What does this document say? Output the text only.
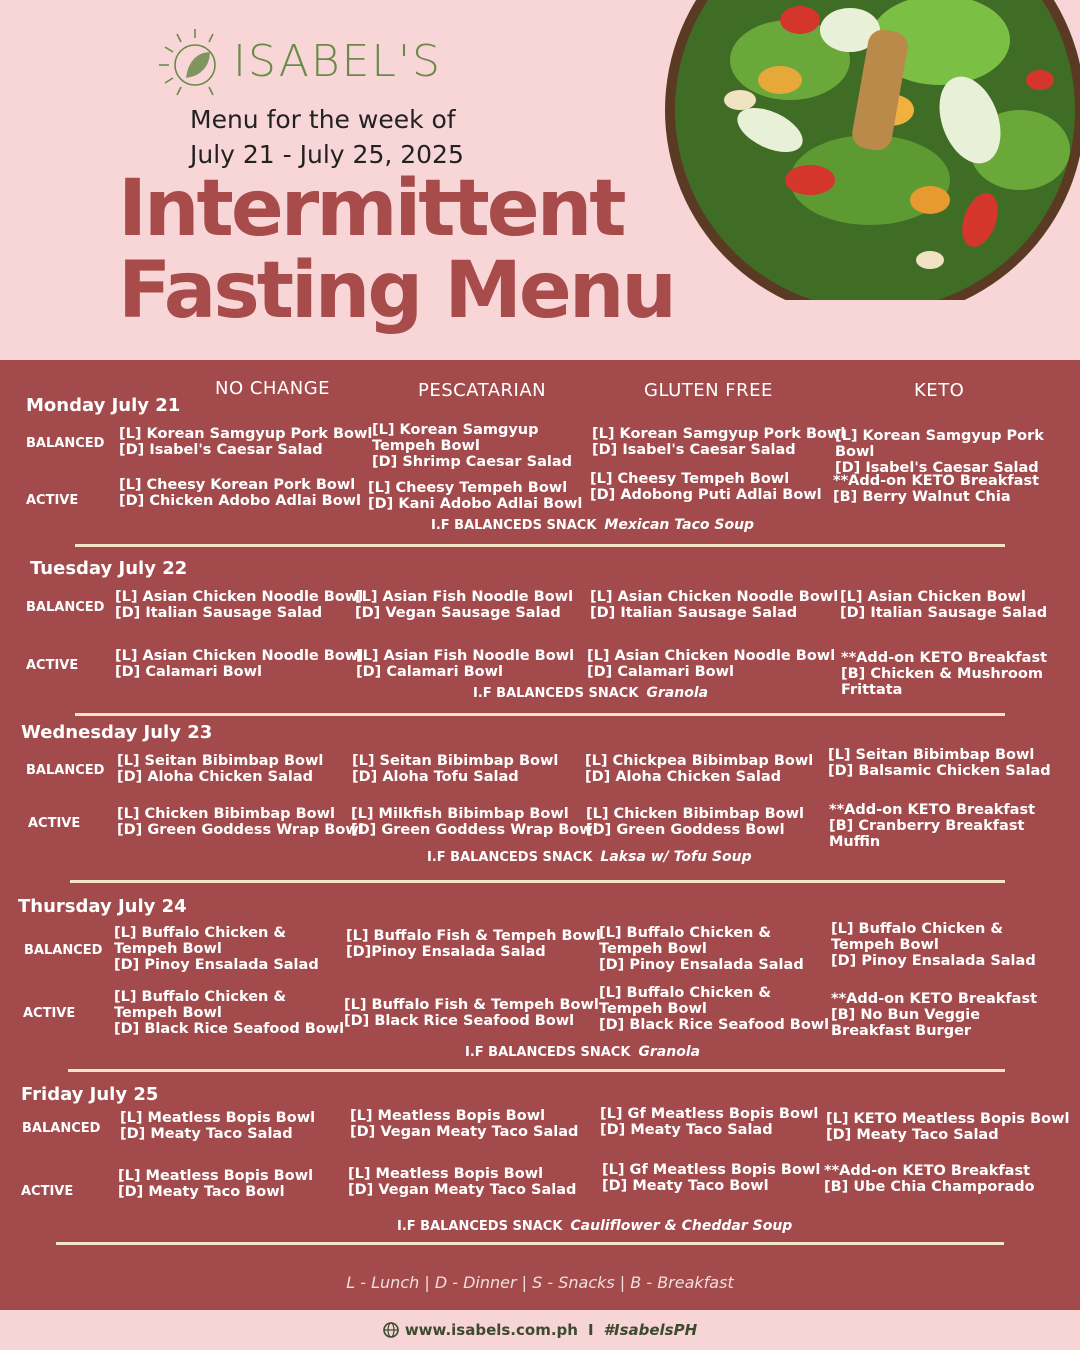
ISABEL'S
Menu for the week of
July 21 - July 25, 2025
Intermittent
Fasting Menu
NO CHANGE	PESCATARIAN	GLUTEN FREE	KETO
Monday July 21
BALANCED
[L] Korean Samgyup Pork Bowl
[D] Isabel's Caesar Salad
[L] Korean Samgyup
Tempeh Bowl
[D] Shrimp Caesar Salad
[L] Korean Samgyup Pork Bowl
[D] Isabel's Caesar Salad
[L] Korean Samgyup Pork Bowl
[D] Isabel's Caesar Salad
ACTIVE
[L] Cheesy Korean Pork Bowl
[D] Chicken Adobo Adlai Bowl
[L] Cheesy Tempeh Bowl
[D] Kani Adobo Adlai Bowl
[L] Cheesy Tempeh Bowl
[D] Adobong Puti Adlai Bowl
**Add-on KETO Breakfast
[B] Berry Walnut Chia
I.F BALANCEDS SNACK Mexican Taco Soup
Tuesday July 22
BALANCED
[L] Asian Chicken Noodle Bowl
[D] Italian Sausage Salad
[L] Asian Fish Noodle Bowl
[D] Vegan Sausage Salad
[L] Asian Chicken Noodle Bowl
[D] Italian Sausage Salad
[L] Asian Chicken Bowl
[D] Italian Sausage Salad
ACTIVE
[L] Asian Chicken Noodle Bowl
[D] Calamari Bowl
[L] Asian Fish Noodle Bowl
[D] Calamari Bowl
[L] Asian Chicken Noodle Bowl
[D] Calamari Bowl
**Add-on KETO Breakfast
[B] Chicken & Mushroom
Frittata
I.F BALANCEDS SNACK Granola
Wednesday July 23
BALANCED
[L] Seitan Bibimbap Bowl
[D] Aloha Chicken Salad
[L] Seitan Bibimbap Bowl
[D] Aloha Tofu Salad
[L] Chickpea Bibimbap Bowl
[D] Aloha Chicken Salad
[L] Seitan Bibimbap Bowl
[D] Balsamic Chicken Salad
ACTIVE
[L] Chicken Bibimbap Bowl
[D] Green Goddess Wrap Bowl
[L] Milkfish Bibimbap Bowl
[D] Green Goddess Wrap Bowl
[L] Chicken Bibimbap Bowl
[D] Green Goddess Bowl
**Add-on KETO Breakfast
[B] Cranberry Breakfast
Muffin
I.F BALANCEDS SNACK Laksa w/ Tofu Soup
Thursday July 24
BALANCED
[L] Buffalo Chicken &
Tempeh Bowl
[D] Pinoy Ensalada Salad
[L] Buffalo Fish & Tempeh Bowl
[D]Pinoy Ensalada Salad
[L] Buffalo Chicken &
Tempeh Bowl
[D] Pinoy Ensalada Salad
[L] Buffalo Chicken &
Tempeh Bowl
[D] Pinoy Ensalada Salad
ACTIVE
[L] Buffalo Chicken &
Tempeh Bowl
[D] Black Rice Seafood Bowl
[L] Buffalo Fish & Tempeh Bowl
[D] Black Rice Seafood Bowl
[L] Buffalo Chicken &
Tempeh Bowl
[D] Black Rice Seafood Bowl
**Add-on KETO Breakfast
[B] No Bun Veggie
Breakfast Burger
I.F BALANCEDS SNACK Granola
Friday July 25
BALANCED
[L] Meatless Bopis Bowl
[D] Meaty Taco Salad
[L] Meatless Bopis Bowl
[D] Vegan Meaty Taco Salad
[L] Gf Meatless Bopis Bowl
[D] Meaty Taco Salad
[L] KETO Meatless Bopis Bowl
[D] Meaty Taco Salad
ACTIVE
[L] Meatless Bopis Bowl
[D] Meaty Taco Bowl
[L] Meatless Bopis Bowl
[D] Vegan Meaty Taco Salad
[L] Gf Meatless Bopis Bowl
[D] Meaty Taco Bowl
**Add-on KETO Breakfast
[B] Ube Chia Champorado
I.F BALANCEDS SNACK Cauliflower & Cheddar Soup
L - Lunch | D - Dinner | S - Snacks | B - Breakfast
www.isabels.com.ph I #IsabelsPH
